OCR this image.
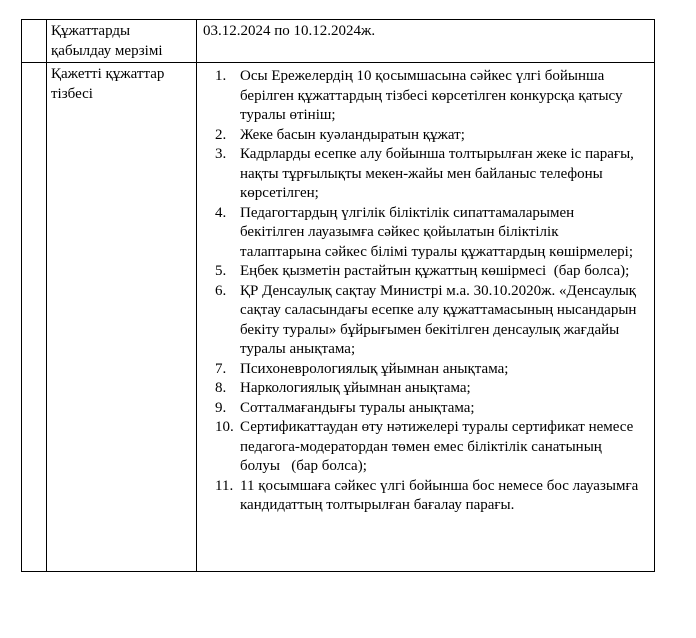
	Құжаттарды қабылдау мерзімі	03.12.2024 по 10.12.2024ж.
	Қажетті құжаттар тізбесі	
1. Осы Ережелердің 10 қосымшасына сәйкес үлгі бойынша берілген құжаттардың тізбесі көрсетілген конкурсқа қатысу туралы өтініш;
2. Жеке басын куәландыратын құжат;
3. Кадрларды есепке алу бойынша толтырылған жеке іс парағы, нақты тұрғылықты мекен-жайы мен байланыс телефоны көрсетілген;
4. Педагогтардың үлгілік біліктілік сипаттамаларымен бекітілген лауазымға сәйкес қойылатын біліктілік талаптарына сәйкес білімі туралы құжаттардың көшірмелері;
5. Еңбек қызметін растайтын құжаттың көшірмесі  (бар болса);
6. ҚР Денсаулық сақтау Министрі м.а. 30.10.2020ж. «Денсаулық сақтау саласындағы есепке алу құжаттамасының нысандарын бекіту туралы» бұйрығымен бекітілген денсаулық жағдайы туралы анықтама;
7. Психоневрологиялық ұйымнан анықтама;
8. Наркологиялық ұйымнан анықтама;
9. Сотталмағандығы туралы анықтама;
10. Сертификаттаудан өту нәтижелері туралы сертификат немесе педагога-модератордан төмен емес біліктілік санатының болуы   (бар болса);
11. 11 қосымшаға сәйкес үлгі бойынша бос немесе бос лауазымға кандидаттың толтырылған бағалау парағы.
